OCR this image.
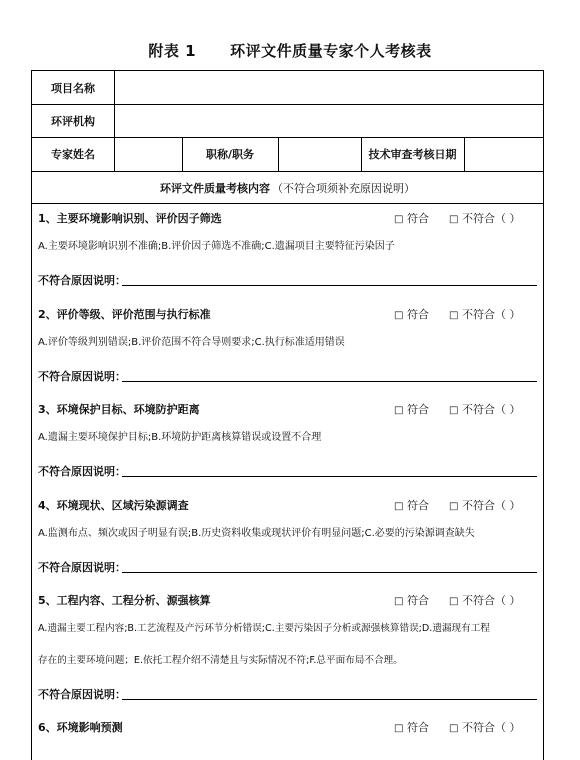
附表 1 环评文件质量专家个人考核表
项目名称
环评机构
专家姓名	职称/职务	技术审查考核日期
环评文件质量考核内容 （不符合项须补充原因说明）
1、主要环境影响识别、评价因子筛选	□ 符合 □ 不符合（ ）
A.主要环境影响识别不准确;B.评价因子筛选不准确;C.遗漏项目主要特征污染因子
不符合原因说明：
2、评价等级、评价范围与执行标准	□ 符合 □ 不符合（ ）
A.评价等级判别错误;B.评价范围不符合导则要求;C.执行标准适用错误
不符合原因说明：
3、环境保护目标、环境防护距离	□ 符合 □ 不符合（ ）
A.遗漏主要环境保护目标;B.环境防护距离核算错误或设置不合理
不符合原因说明：
4、环境现状、区域污染源调查	□ 符合 □ 不符合（ ）
A.监测布点、频次或因子明显有误;B.历史资料收集或现状评价有明显问题;C.必要的污染源调查缺失
不符合原因说明：
5、工程内容、工程分析、源强核算	□ 符合 □ 不符合（ ）
A.遗漏主要工程内容;B.工艺流程及产污环节分析错误;C.主要污染因子分析或源强核算错误;D.遗漏现有工程
存在的主要环境问题；E.依托工程介绍不清楚且与实际情况不符;F.总平面布局不合理。
不符合原因说明：
6、环境影响预测	□ 符合 □ 不符合（ ）
